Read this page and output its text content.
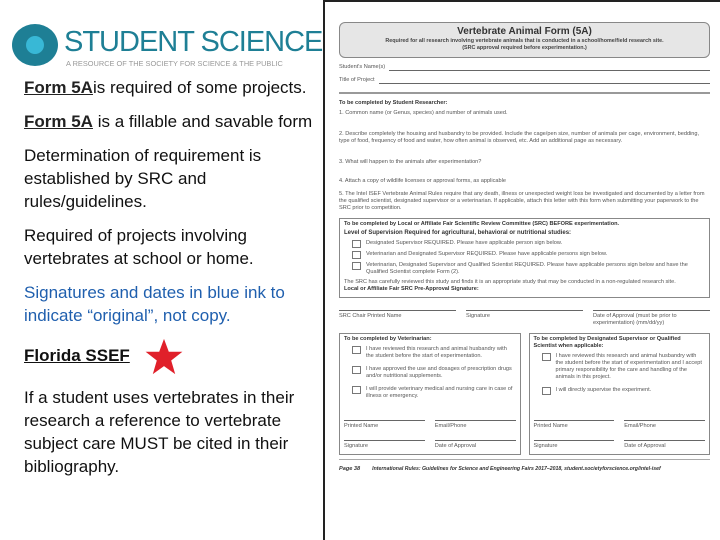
STUDENT SCIENCE
A RESOURCE OF THE SOCIETY FOR SCIENCE & THE PUBLIC
Form 5Ais required of some projects.
Form 5A is a fillable and savable form
Determination of requirement is established by SRC and rules/guidelines.
Required of projects involving vertebrates at school or home.
Signatures and dates in blue ink to indicate “original”, not copy.
Florida SSEF
If a student uses vertebrates in their research a reference to vertebrate subject care MUST be cited in their bibliography.
Vertebrate Animal Form (5A)
Required for all research involving vertebrate animals that is conducted in a school/home/field research site.
(SRC approval required before experimentation.)
Student's Name(s)
Title of Project
To be completed by Student Researcher:
1. Common name (or Genus, species) and number of animals used.
2. Describe completely the housing and husbandry to be provided. Include the cage/pen size, number of animals per cage, environment, bedding, type of food, frequency of food and water, how often animal is observed, etc. Add an additional page as necessary.
3. What will happen to the animals after experimentation?
4. Attach a copy of wildlife licenses or approval forms, as applicable
5. The Intel ISEF Vertebrate Animal Rules require that any death, illness or unexpected weight loss be investigated and documented by a letter from the qualified scientist, designated supervisor or a veterinarian. If applicable, attach this letter with this form when submitting your paperwork to the SRC prior to competition.
To be completed by Local or Affiliate Fair Scientific Review Committee (SRC) BEFORE experimentation.
Level of Supervision Required for agricultural, behavioral or nutritional studies:
Designated Supervisor REQUIRED. Please have applicable person sign below.
Veterinarian and Designated Supervisor REQUIRED. Please have applicable persons sign below.
Veterinarian, Designated Supervisor and Qualified Scientist REQUIRED. Please have applicable persons sign below and have the Qualified Scientist complete Form (2).
The SRC has carefully reviewed this study and finds it is an appropriate study that may be conducted in a non-regulated research site.
Local or Affiliate Fair SRC Pre-Approval Signature:
SRC Chair Printed Name	Signature	Date of Approval (must be prior to experimentation) (mm/dd/yy)
To be completed by Veterinarian:
I have reviewed this research and animal husbandry with the student before the start of experimentation.
I have approved the use and dosages of prescription drugs and/or nutritional supplements.
I will provide veterinary medical and nursing care in case of illness or emergency.
Printed Name	Email/Phone
Signature	Date of Approval
To be completed by Designated Supervisor or Qualified Scientist when applicable:
I have reviewed this research and animal husbandry with the student before the start of experimentation and I accept primary responsibility for the care and handling of the animals in this project.
I will directly supervise the experiment.
Printed Name	Email/Phone
Signature	Date of Approval
Page 38 International Rules: Guidelines for Science and Engineering Fairs 2017–2018, student.societyforscience.org/intel-isef
